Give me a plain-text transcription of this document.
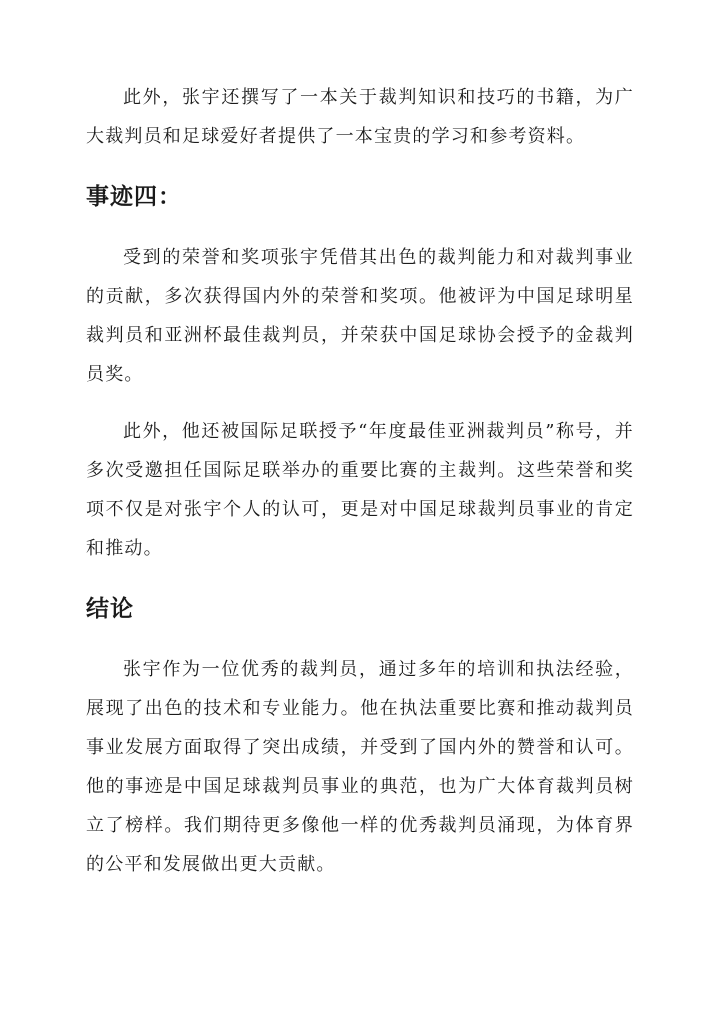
此外，张宇还撰写了一本关于裁判知识和技巧的书籍，为广大裁判员和足球爱好者提供了一本宝贵的学习和参考资料。

事迹四：

受到的荣誉和奖项张宇凭借其出色的裁判能力和对裁判事业的贡献，多次获得国内外的荣誉和奖项。他被评为中国足球明星裁判员和亚洲杯最佳裁判员，并荣获中国足球协会授予的金裁判员奖。

此外，他还被国际足联授予“年度最佳亚洲裁判员”称号，并多次受邀担任国际足联举办的重要比赛的主裁判。这些荣誉和奖项不仅是对张宇个人的认可，更是对中国足球裁判员事业的肯定和推动。

结论

张宇作为一位优秀的裁判员，通过多年的培训和执法经验，展现了出色的技术和专业能力。他在执法重要比赛和推动裁判员事业发展方面取得了突出成绩，并受到了国内外的赞誉和认可。他的事迹是中国足球裁判员事业的典范，也为广大体育裁判员树立了榜样。我们期待更多像他一样的优秀裁判员涌现，为体育界的公平和发展做出更大贡献。
